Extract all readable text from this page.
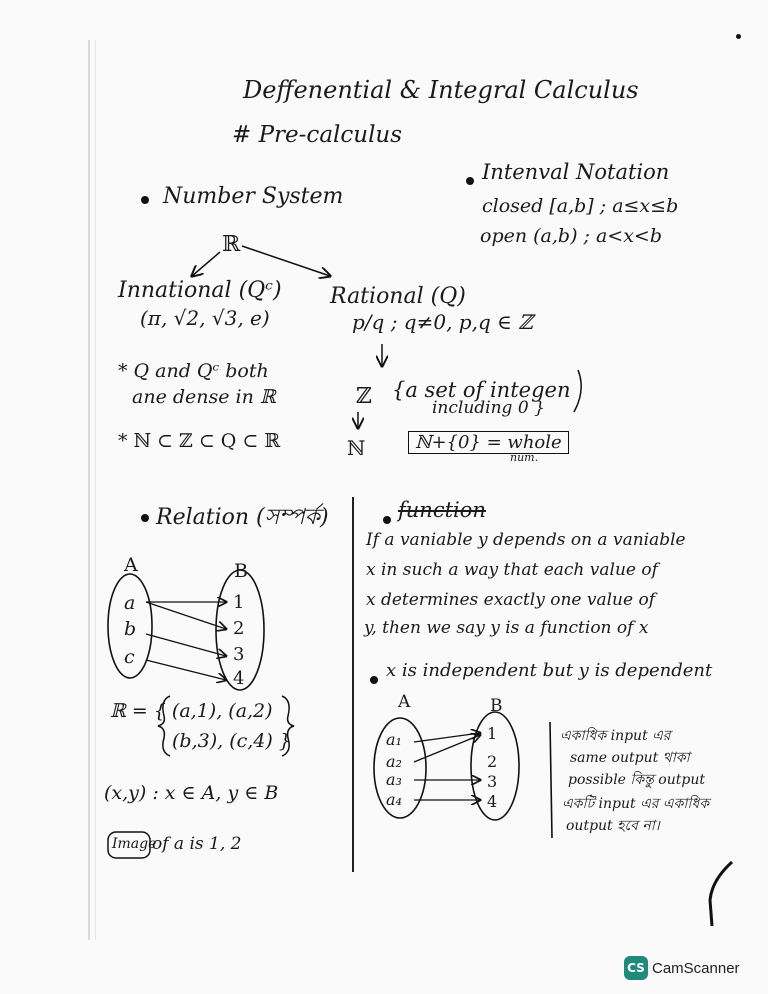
Deffenential & Integral Calculus
# Pre-calculus
Number System
ℝ
Innational (Qᶜ)
(π, √2, √3, e)
Rational (Q)
p/q ; q≠0, p,q ∈ ℤ
ℤ {a set of integen
including 0 }
ℕ	ℕ+{0} = whole
num.
* Q and Qᶜ both
ane dense in ℝ
* ℕ ⊂ ℤ ⊂ Q ⊂ ℝ
Intenval Notation
closed [a,b] ; a≤x≤b
open (a,b) ; a<x<b
Relation (সম্পর্ক)
A	B
a
b
c
1
2
3
4
ℝ = { (a,1), (a,2)
(b,3), (c,4) }
(x,y) : x ∈ A, y ∈ B
Image
of a is 1, 2
function
If a vaniable y depends on a vaniable
x in such a way that each value of
x determines exactly one value of
y, then we say y is a function of x
x is independent but y is dependent
A	B
a₁
a₂
a₃
a₄
1
2
3
4
একাধিক input এর
same output থাকা
possible কিন্তু output
একটি input এর একাধিক
output হবে না।
CS CamScanner
